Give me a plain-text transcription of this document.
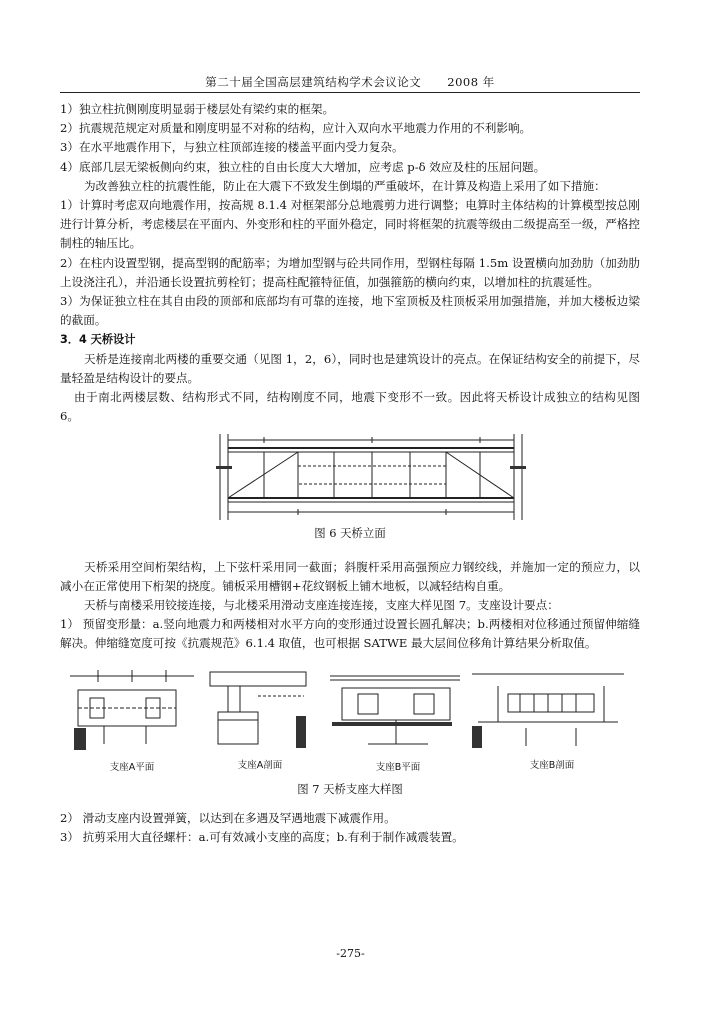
第二十届全国高层建筑结构学术会议论文 2008 年

1）独立柱抗侧刚度明显弱于楼层处有梁约束的框架。

2）抗震规范规定对质量和刚度明显不对称的结构，应计入双向水平地震力作用的不利影响。

3）在水平地震作用下，与独立柱顶部连接的楼盖平面内受力复杂。

4）底部几层无梁板侧向约束，独立柱的自由长度大大增加，应考虑 p-δ 效应及柱的压屈问题。

为改善独立柱的抗震性能，防止在大震下不致发生倒塌的严重破坏，在计算及构造上采用了如下措施：

1）计算时考虑双向地震作用，按高规 8.1.4 对框架部分总地震剪力进行调整；电算时主体结构的计算模型按总刚进行计算分析，考虑楼层在平面内、外变形和柱的平面外稳定，同时将框架的抗震等级由二级提高至一级，严格控制柱的轴压比。

2）在柱内设置型钢，提高型钢的配筋率；为增加型钢与砼共同作用，型钢柱每隔 1.5m 设置横向加劲肋（加劲肋上设浇注孔），并沿通长设置抗剪栓钉；提高柱配箍特征值，加强箍筋的横向约束，以增加柱的抗震延性。

3）为保证独立柱在其自由段的顶部和底部均有可靠的连接，地下室顶板及柱顶板采用加强措施，并加大楼板边梁的截面。

3．4 天桥设计

天桥是连接南北两楼的重要交通（见图 1，2，6），同时也是建筑设计的亮点。在保证结构安全的前提下，尽量轻盈是结构设计的要点。

由于南北两楼层数、结构形式不同，结构刚度不同，地震下变形不一致。因此将天桥设计成独立的结构见图 6。

图 6 天桥立面

天桥采用空间桁架结构，上下弦杆采用同一截面；斜腹杆采用高强预应力钢绞线，并施加一定的预应力，以减小在正常使用下桁架的挠度。铺板采用槽钢+花纹钢板上铺木地板，以减轻结构自重。

天桥与南楼采用铰接连接，与北楼采用滑动支座连接连接，支座大样见图 7。支座设计要点：

1） 预留变形量：a.竖向地震力和两楼相对水平方向的变形通过设置长圆孔解决；b.两楼相对位移通过预留伸缩缝解决。伸缩缝宽度可按《抗震规范》6.1.4 取值，也可根据 SATWE 最大层间位移角计算结果分析取值。

支座A平面	支座A剖面	支座B平面	支座B剖面
图 7 天桥支座大样图

2） 滑动支座内设置弹簧，以达到在多遇及罕遇地震下减震作用。

3） 抗剪采用大直径螺杆：a.可有效减小支座的高度；b.有利于制作减震装置。

-275-
